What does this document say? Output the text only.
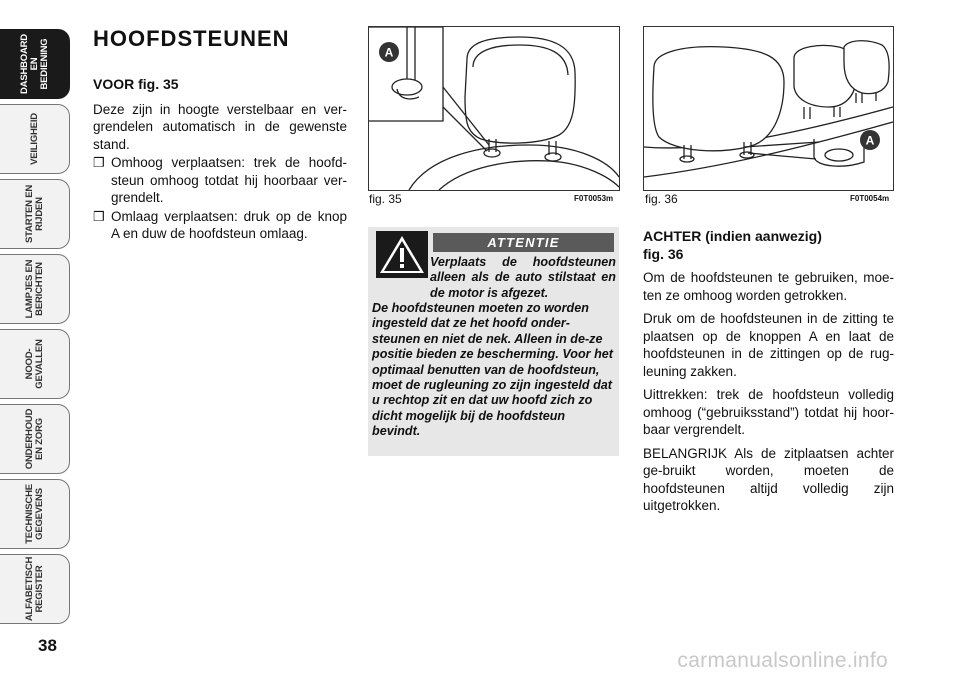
DASHBOARD
EN BEDIENING
VEILIGHEID
STARTEN EN
RIJDEN
LAMPJES EN
BERICHTEN
NOOD-
GEVALLEN
ONDERHOUD
EN ZORG
TECHNISCHE
GEGEVENS
ALFABETISCH
REGISTER
38
HOOFDSTEUNEN
VOOR fig. 35
Deze zijn in hoogte verstelbaar en ver-grendelen automatisch in de gewenste stand.
❒ Omhoog verplaatsen: trek de hoofd-steun omhoog totdat hij hoorbaar ver-grendelt.
❒ Omlaag verplaatsen: druk op de knop A en duw de hoofdsteun omlaag.
A
fig. 35	F0T0053m
ATTENTIE
Verplaats de hoofdsteunen alleen als de auto stilstaat en de motor is afgezet.
De hoofdsteunen moeten zo worden ingesteld dat ze het hoofd onder-steunen en niet de nek. Alleen in de-ze positie bieden ze bescherming. Voor het optimaal benutten van de hoofdsteun, moet de rugleuning zo zijn ingesteld dat u rechtop zit en dat uw hoofd zich zo dicht mogelijk bij de hoofdsteun bevindt.
A
fig. 36	F0T0054m
ACHTER (indien aanwezig)
fig. 36
Om de hoofdsteunen te gebruiken, moe-ten ze omhoog worden getrokken.
Druk om de hoofdsteunen in de zitting te plaatsen op de knoppen A en laat de hoofdsteunen in de zittingen op de rug-leuning zakken.
Uittrekken: trek de hoofdsteun volledig omhoog (“gebruiksstand”) totdat hij hoor-baar vergrendelt.
BELANGRIJK Als de zitplaatsen achter ge-bruikt worden, moeten de hoofdsteunen altijd volledig zijn uitgetrokken.
carmanualsonline.info
